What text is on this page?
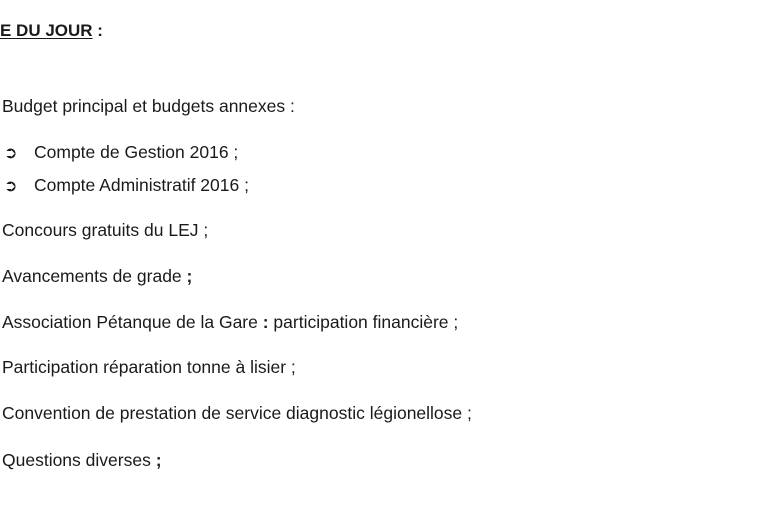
E DU JOUR :
Budget principal et budgets annexes :
➲ Compte de Gestion 2016 ;
➲ Compte Administratif 2016 ;
Concours gratuits du LEJ ;
Avancements de grade ;
Association Pétanque de la Gare : participation financière ;
Participation réparation tonne à lisier ;
Convention de prestation de service diagnostic légionellose ;
Questions diverses ;
